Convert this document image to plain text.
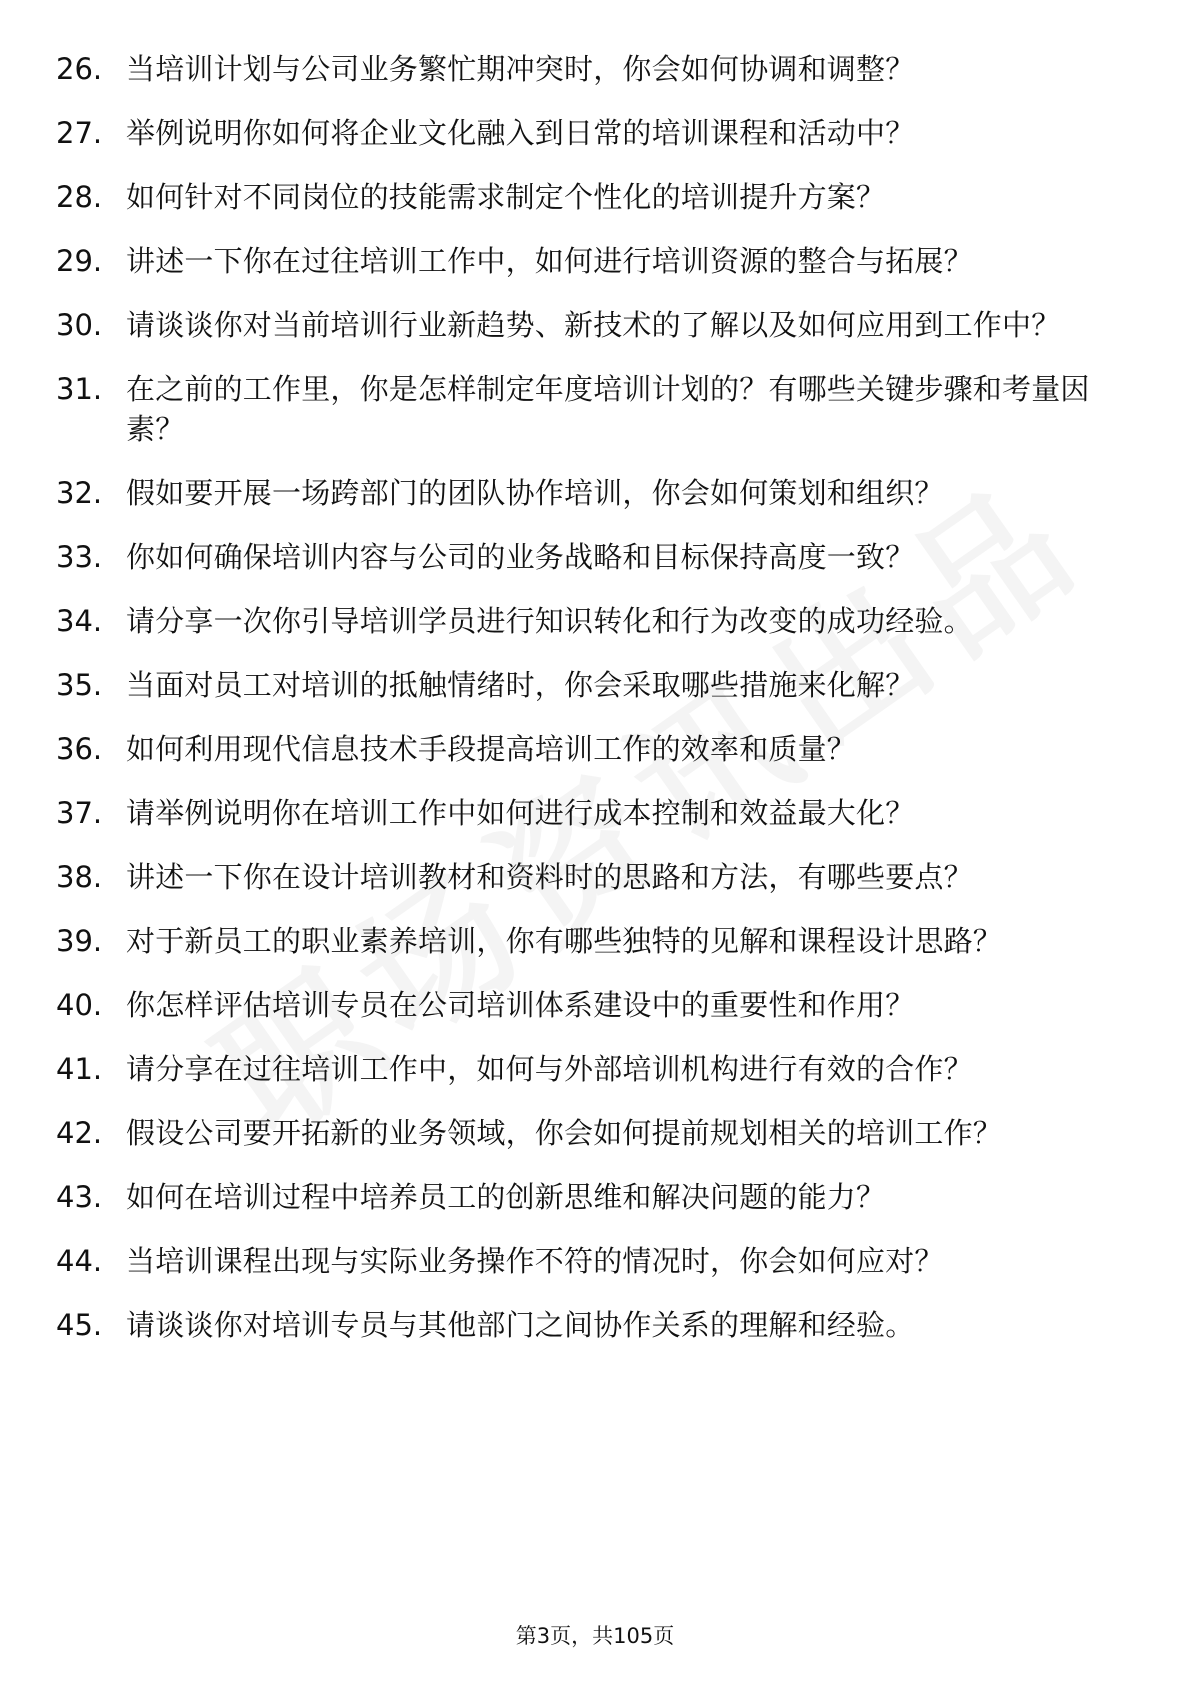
26. 当培训计划与公司业务繁忙期冲突时，你会如何协调和调整？
27. 举例说明你如何将企业文化融入到日常的培训课程和活动中？
28. 如何针对不同岗位的技能需求制定个性化的培训提升方案？
29. 讲述一下你在过往培训工作中，如何进行培训资源的整合与拓展？
30. 请谈谈你对当前培训行业新趋势、新技术的了解以及如何应用到工作中？
31. 在之前的工作里，你是怎样制定年度培训计划的？有哪些关键步骤和考量因素？
32. 假如要开展一场跨部门的团队协作培训，你会如何策划和组织？
33. 你如何确保培训内容与公司的业务战略和目标保持高度一致？
34. 请分享一次你引导培训学员进行知识转化和行为改变的成功经验。
35. 当面对员工对培训的抵触情绪时，你会采取哪些措施来化解？
36. 如何利用现代信息技术手段提高培训工作的效率和质量？
37. 请举例说明你在培训工作中如何进行成本控制和效益最大化？
38. 讲述一下你在设计培训教材和资料时的思路和方法，有哪些要点？
39. 对于新员工的职业素养培训，你有哪些独特的见解和课程设计思路？
40. 你怎样评估培训专员在公司培训体系建设中的重要性和作用？
41. 请分享在过往培训工作中，如何与外部培训机构进行有效的合作？
42. 假设公司要开拓新的业务领域，你会如何提前规划相关的培训工作？
43. 如何在培训过程中培养员工的创新思维和解决问题的能力？
44. 当培训课程出现与实际业务操作不符的情况时，你会如何应对？
45. 请谈谈你对培训专员与其他部门之间协作关系的理解和经验。
第3页，共105页
